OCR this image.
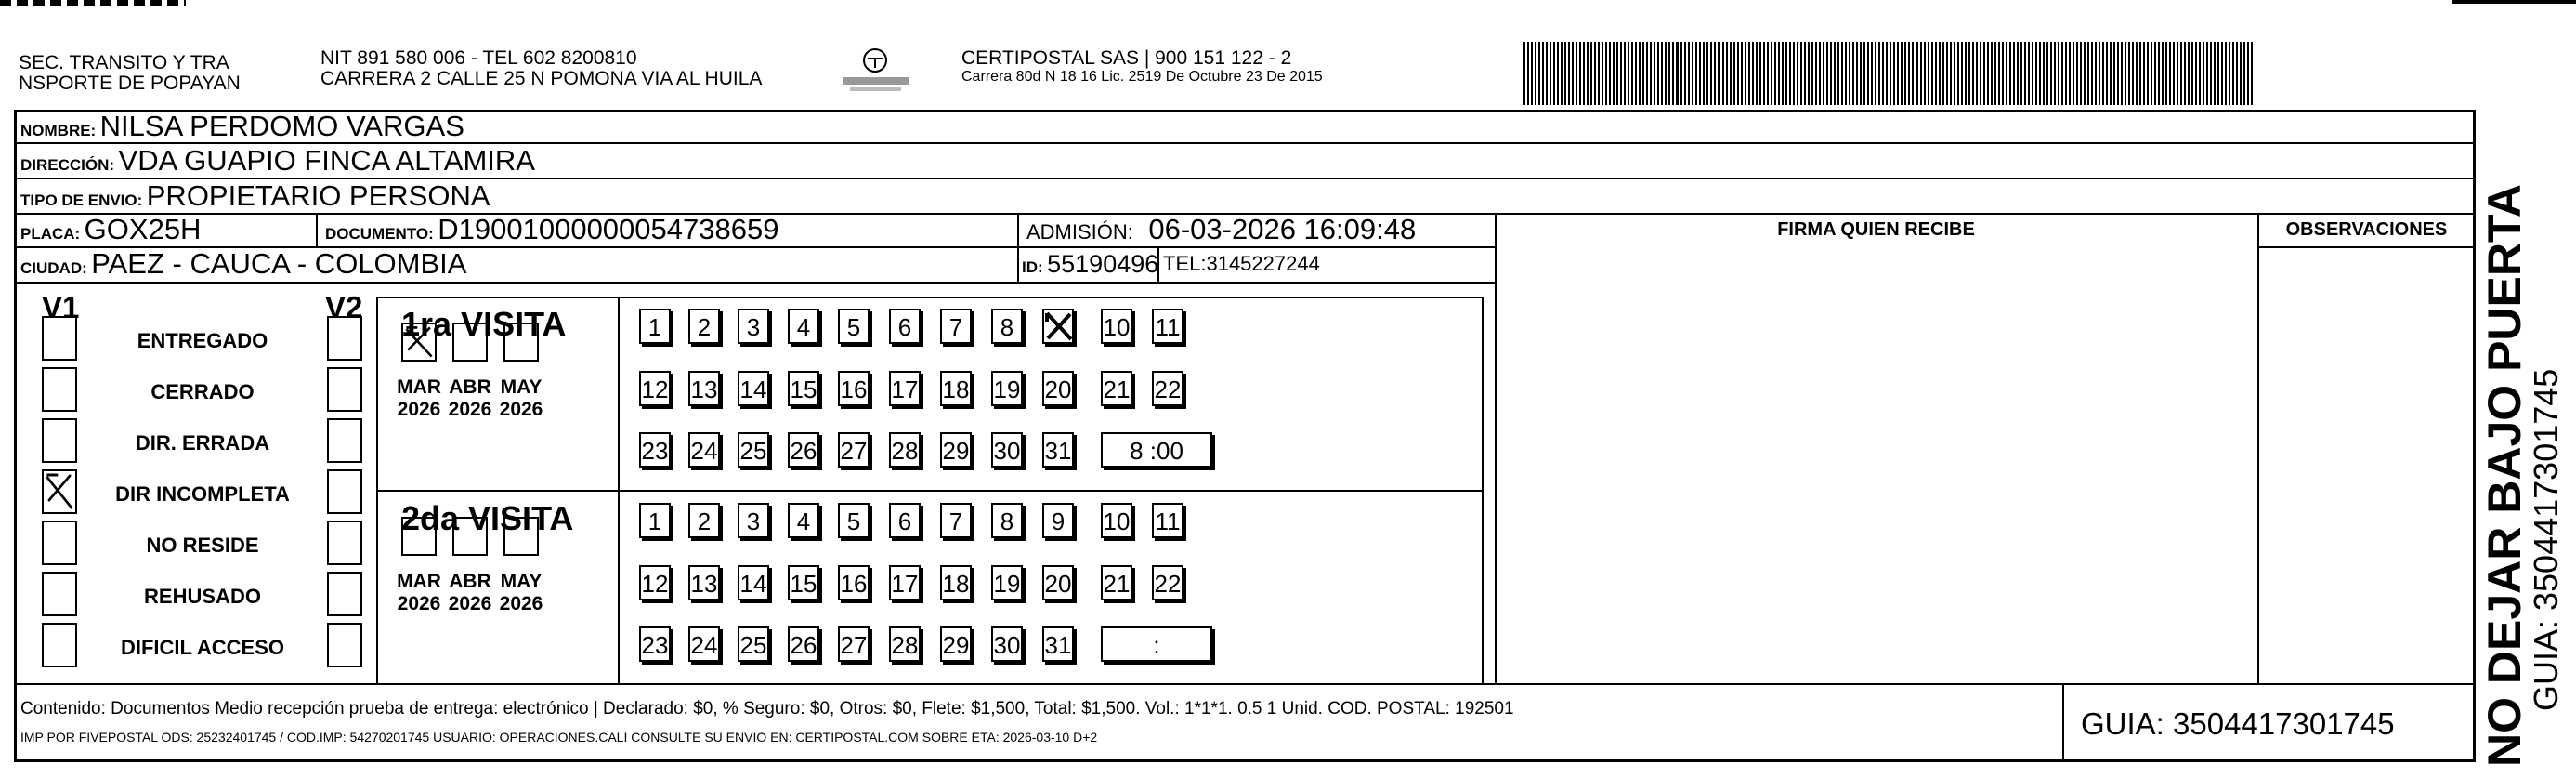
SEC. TRANSITO Y TRA
NSPORTE DE POPAYAN
NIT 891 580 006 - TEL 602 8200810
CARRERA 2 CALLE 25 N POMONA VIA AL HUILA
CERTIPOSTAL SAS | 900 151 122 - 2
Carrera 80d N 18 16 Lic. 2519 De Octubre 23 De 2015
NOMBRE: NILSA PERDOMO VARGAS
DIRECCIÓN: VDA GUAPIO FINCA ALTAMIRA
TIPO DE ENVIO: PROPIETARIO PERSONA
PLACA: GOX25H	DOCUMENTO: D19001000000054738659	ADMISIÓN: 06-03-2026 16:09:48
CIUDAD: PAEZ - CAUCA - COLOMBIA	ID: 55190496 TEL:3145227244
FIRMA QUIEN RECIBE	OBSERVACIONES
V1	V2
ENTREGADO
CERRADO
DIR. ERRADA
DIR INCOMPLETA
NO RESIDE
REHUSADO
DIFICIL ACCESO
1ra VISITA
2da VISITA
1	2	3	4	5	6	7	8	10 11
12 13 14 15 16 17 18 19 20 21 22
23 24 25 26 27 28 29 30 31	8 :00
MAR
2026
ABR
2026
MAY
2026
1	2	3	4	5	6	7	8	9	10 11
12 13 14 15 16 17 18 19 20 21 22
23 24 25 26 27 28 29 30 31	:
MAR
2026
ABR
2026
MAY
2026
Contenido: Documentos Medio recepción prueba de entrega: electrónico | Declarado: $0, % Seguro: $0, Otros: $0, Flete: $1,500, Total: $1,500. Vol.: 1*1*1. 0.5 1 Unid. COD. POSTAL: 192501
IMP POR FIVEPOSTAL ODS: 25232401745 / COD.IMP: 54270201745 USUARIO: OPERACIONES.CALI CONSULTE SU ENVIO EN: CERTIPOSTAL.COM SOBRE ETA: 2026-03-10 D+2	GUIA: 3504417301745 NO DEJAR BAJO PUERTA
GUIA: 3504417301745
